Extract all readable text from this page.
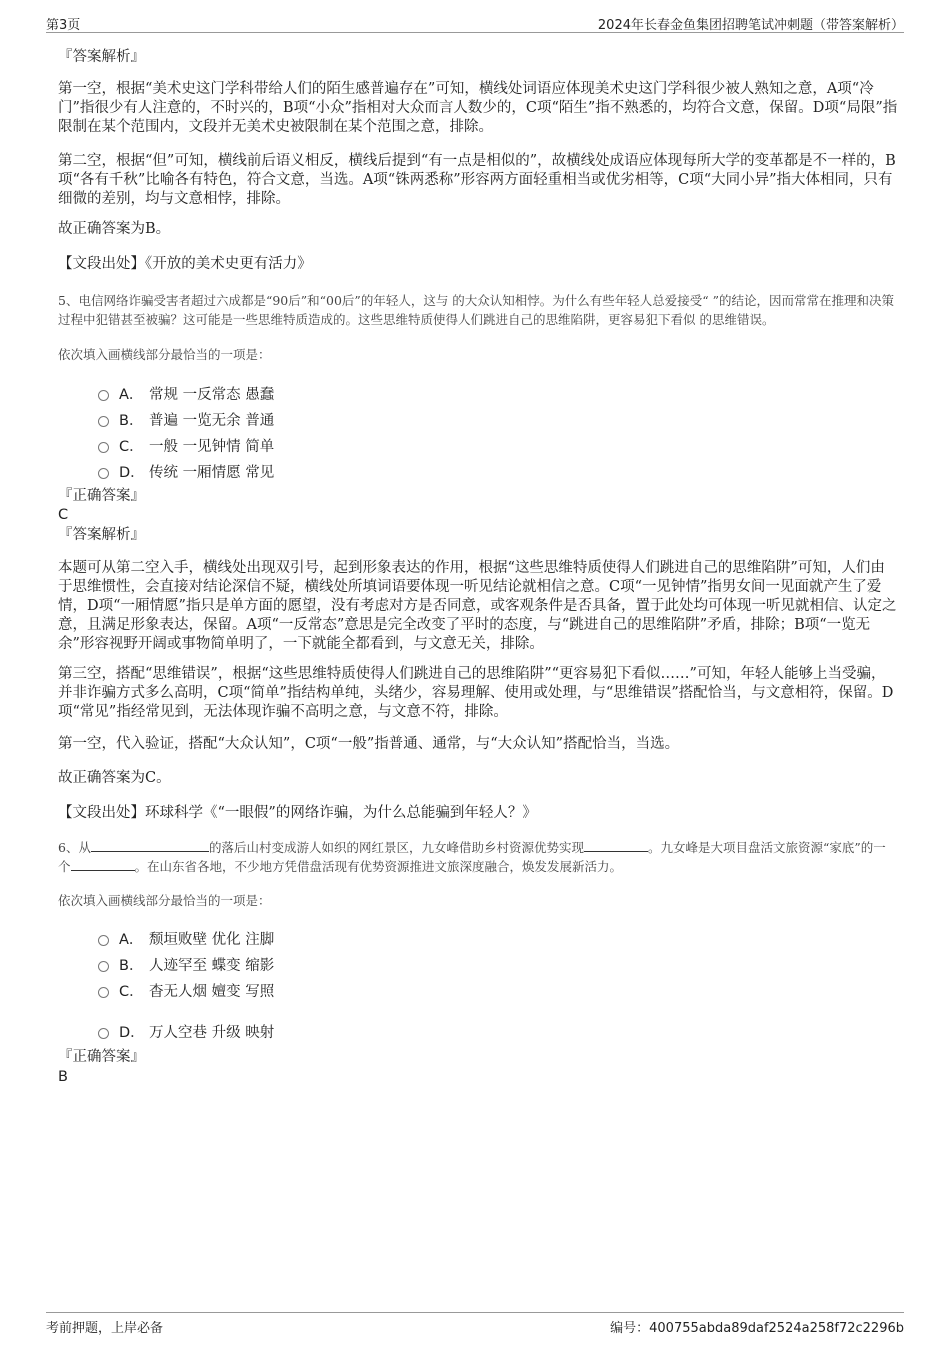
第3页	2024年长春金鱼集团招聘笔试冲刺题（带答案解析）
『答案解析』
第一空，根据“美术史这门学科带给人们的陌生感普遍存在”可知，横线处词语应体现美术史这门学科很少被人熟知之意，A项“冷门”指很少有人注意的，不时兴的，B项“小众”指相对大众而言人数少的，C项“陌生”指不熟悉的，均符合文意，保留。D项“局限”指限制在某个范围内，文段并无美术史被限制在某个范围之意，排除。
第二空，根据“但”可知，横线前后语义相反，横线后提到“有一点是相似的”，故横线处成语应体现每所大学的变革都是不一样的，B项“各有千秋”比喻各有特色，符合文意，当选。A项“铢两悉称”形容两方面轻重相当或优劣相等，C项“大同小异”指大体相同，只有细微的差别，均与文意相悖，排除。
故正确答案为B。
【文段出处】《开放的美术史更有活力》
5、电信网络诈骗受害者超过六成都是“90后”和“00后”的年轻人，这与 的大众认知相悖。为什么有些年轻人总爱接受“ ”的结论，因而常常在推理和决策过程中犯错甚至被骗？这可能是一些思维特质造成的。这些思维特质使得人们跳进自己的思维陷阱，更容易犯下看似 的思维错误。
依次填入画横线部分最恰当的一项是：
A． 常规 一反常态 愚蠢
B． 普遍 一览无余 普通
C． 一般 一见钟情 简单
D． 传统 一厢情愿 常见
『正确答案』
C
『答案解析』
本题可从第二空入手，横线处出现双引号，起到形象表达的作用，根据“这些思维特质使得人们跳进自己的思维陷阱”可知，人们由于思维惯性，会直接对结论深信不疑，横线处所填词语要体现一听见结论就相信之意。C项“一见钟情”指男女间一见面就产生了爱情，D项“一厢情愿”指只是单方面的愿望，没有考虑对方是否同意，或客观条件是否具备，置于此处均可体现一听见就相信、认定之意，且满足形象表达，保留。A项“一反常态”意思是完全改变了平时的态度，与“跳进自己的思维陷阱”矛盾，排除；B项“一览无余”形容视野开阔或事物简单明了，一下就能全都看到，与文意无关，排除。
第三空，搭配“思维错误”，根据“这些思维特质使得人们跳进自己的思维陷阱”“更容易犯下看似……”可知，年轻人能够上当受骗，并非诈骗方式多么高明，C项“简单”指结构单纯，头绪少，容易理解、使用或处理，与“思维错误”搭配恰当，与文意相符，保留。D项“常见”指经常见到，无法体现诈骗不高明之意，与文意不符，排除。
第一空，代入验证，搭配“大众认知”，C项“一般”指普通、通常，与“大众认知”搭配恰当，当选。
故正确答案为C。
【文段出处】环球科学《“一眼假”的网络诈骗，为什么总能骗到年轻人？》
6、从	的落后山村变成游人如织的网红景区，九女峰借助乡村资源优势实现	。九女峰是大项目盘活文旅资源“家底”的一个	。在山东省各地，不少地方凭借盘活现有优势资源推进文旅深度融合，焕发发展新活力。
依次填入画横线部分最恰当的一项是：
A． 颓垣败壁 优化 注脚
B． 人迹罕至 蝶变 缩影
C． 杳无人烟 嬗变 写照
D． 万人空巷 升级 映射
『正确答案』
B
考前押题，上岸必备	编号：400755abda89daf2524a258f72c2296b
